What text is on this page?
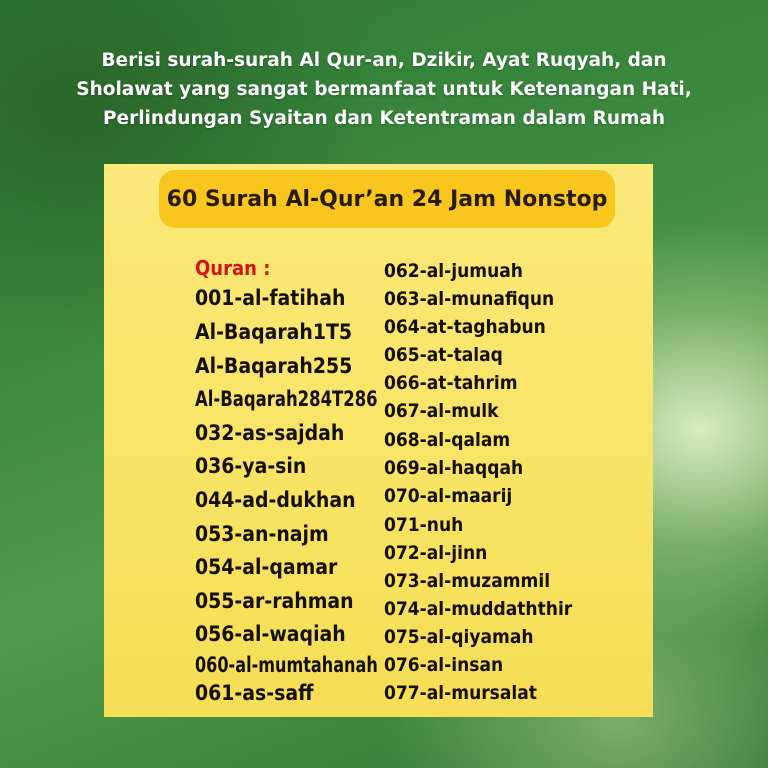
Berisi surah-surah Al Qur-an, Dzikir, Ayat Ruqyah, dan
Sholawat yang sangat bermanfaat untuk Ketenangan Hati,
Perlindungan Syaitan dan Ketentraman dalam Rumah
60 Surah Al-Qur’an 24 Jam Nonstop
Quran :
001-al-fatihah
Al-Baqarah1T5
Al-Baqarah255
Al-Baqarah284T286
032-as-sajdah
036-ya-sin
044-ad-dukhan
053-an-najm
054-al-qamar
055-ar-rahman
056-al-waqiah
060-al-mumtahanah
061-as-saff
062-al-jumuah
063-al-munafiqun
064-at-taghabun
065-at-talaq
066-at-tahrim
067-al-mulk
068-al-qalam
069-al-haqqah
070-al-maarij
071-nuh
072-al-jinn
073-al-muzammil
074-al-muddaththir
075-al-qiyamah
076-al-insan
077-al-mursalat
